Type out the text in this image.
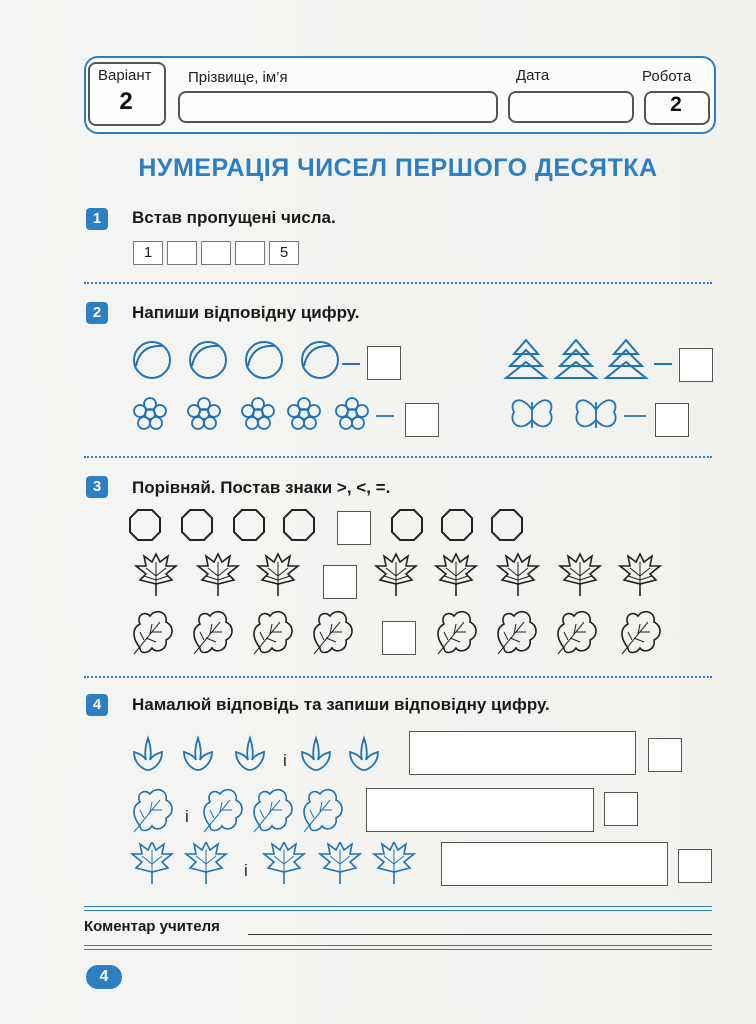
Варіант
2
Прізвище, ім’я	Дата	Робота
2
НУМЕРАЦІЯ ЧИСЕЛ ПЕРШОГО ДЕСЯТКА
1	Встав пропущені числа.
1	5
2	Напиши відповідну цифру.
3	Порівняй. Постав знаки >, <, =.
4	Намалюй відповідь та запиши відповідну цифру.
і
і
і
Коментар учителя
4
